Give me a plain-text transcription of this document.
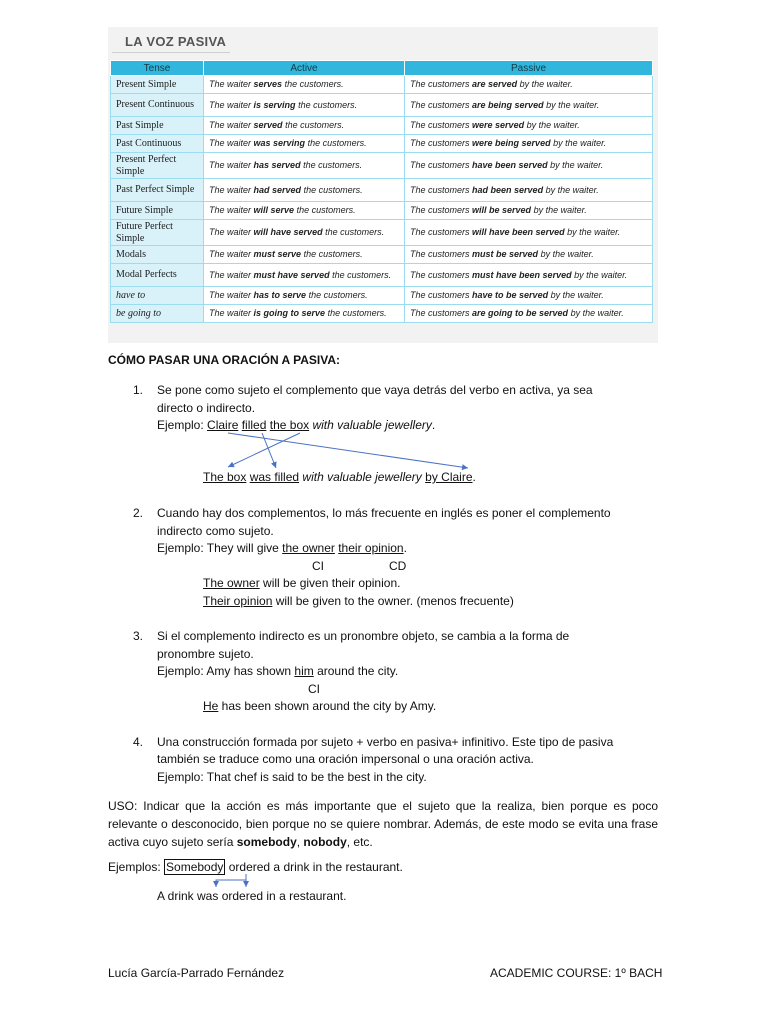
LA VOZ PASIVA
Tense	Active	Passive
Present Simple	The waiter serves the customers.	The customers are served by the waiter.
Present Continuous	The waiter is serving the customers.	The customers are being served by the waiter.
Past Simple	The waiter served the customers.	The customers were served by the waiter.
Past Continuous	The waiter was serving the customers.	The customers were being served by the waiter.
Present Perfect Simple	The waiter has served the customers.	The customers have been served by the waiter.
Past Perfect Simple	The waiter had served the customers.	The customers had been served by the waiter.
Future Simple	The waiter will serve the customers.	The customers will be served by the waiter.
Future Perfect Simple	The waiter will have served the customers.	The customers will have been served by the waiter.
Modals	The waiter must serve the customers.	The customers must be served by the waiter.
Modal Perfects	The waiter must have served the customers.	The customers must have been served by the waiter.
have to	The waiter has to serve the customers.	The customers have to be served by the waiter.
be going to	The waiter is going to serve the customers.	The customers are going to be served by the waiter.
CÓMO PASAR UNA ORACIÓN A PASIVA:
1. Se pone como sujeto el complemento que vaya detrás del verbo en activa, ya sea
directo o indirecto.
Ejemplo: Claire filled the box with valuable jewellery.
The box was filled with valuable jewellery by Claire.
2. Cuando hay dos complementos, lo más frecuente en inglés es poner el complemento
indirecto como sujeto.
Ejemplo: They will give the owner their opinion.
CI	CD
The owner will be given their opinion.
Their opinion will be given to the owner. (menos frecuente)
3. Si el complemento indirecto es un pronombre objeto, se cambia a la forma de
pronombre sujeto.
Ejemplo: Amy has shown him around the city.
CI
He has been shown around the city by Amy.
4. Una construcción formada por sujeto + verbo en pasiva+ infinitivo. Este tipo de pasiva
también se traduce como una oración impersonal o una oración activa.
Ejemplo: That chef is said to be the best in the city.
USO: Indicar que la acción es más importante que el sujeto que la realiza, bien porque es poco relevante o desconocido, bien porque no se quiere nombrar. Además, de este modo se evita una frase activa cuyo sujeto sería somebody, nobody, etc.
Ejemplos: Somebody ordered a drink in the restaurant.
A drink was ordered in a restaurant.
Lucía García-Parrado Fernández	ACADEMIC COURSE: 1º BACH
